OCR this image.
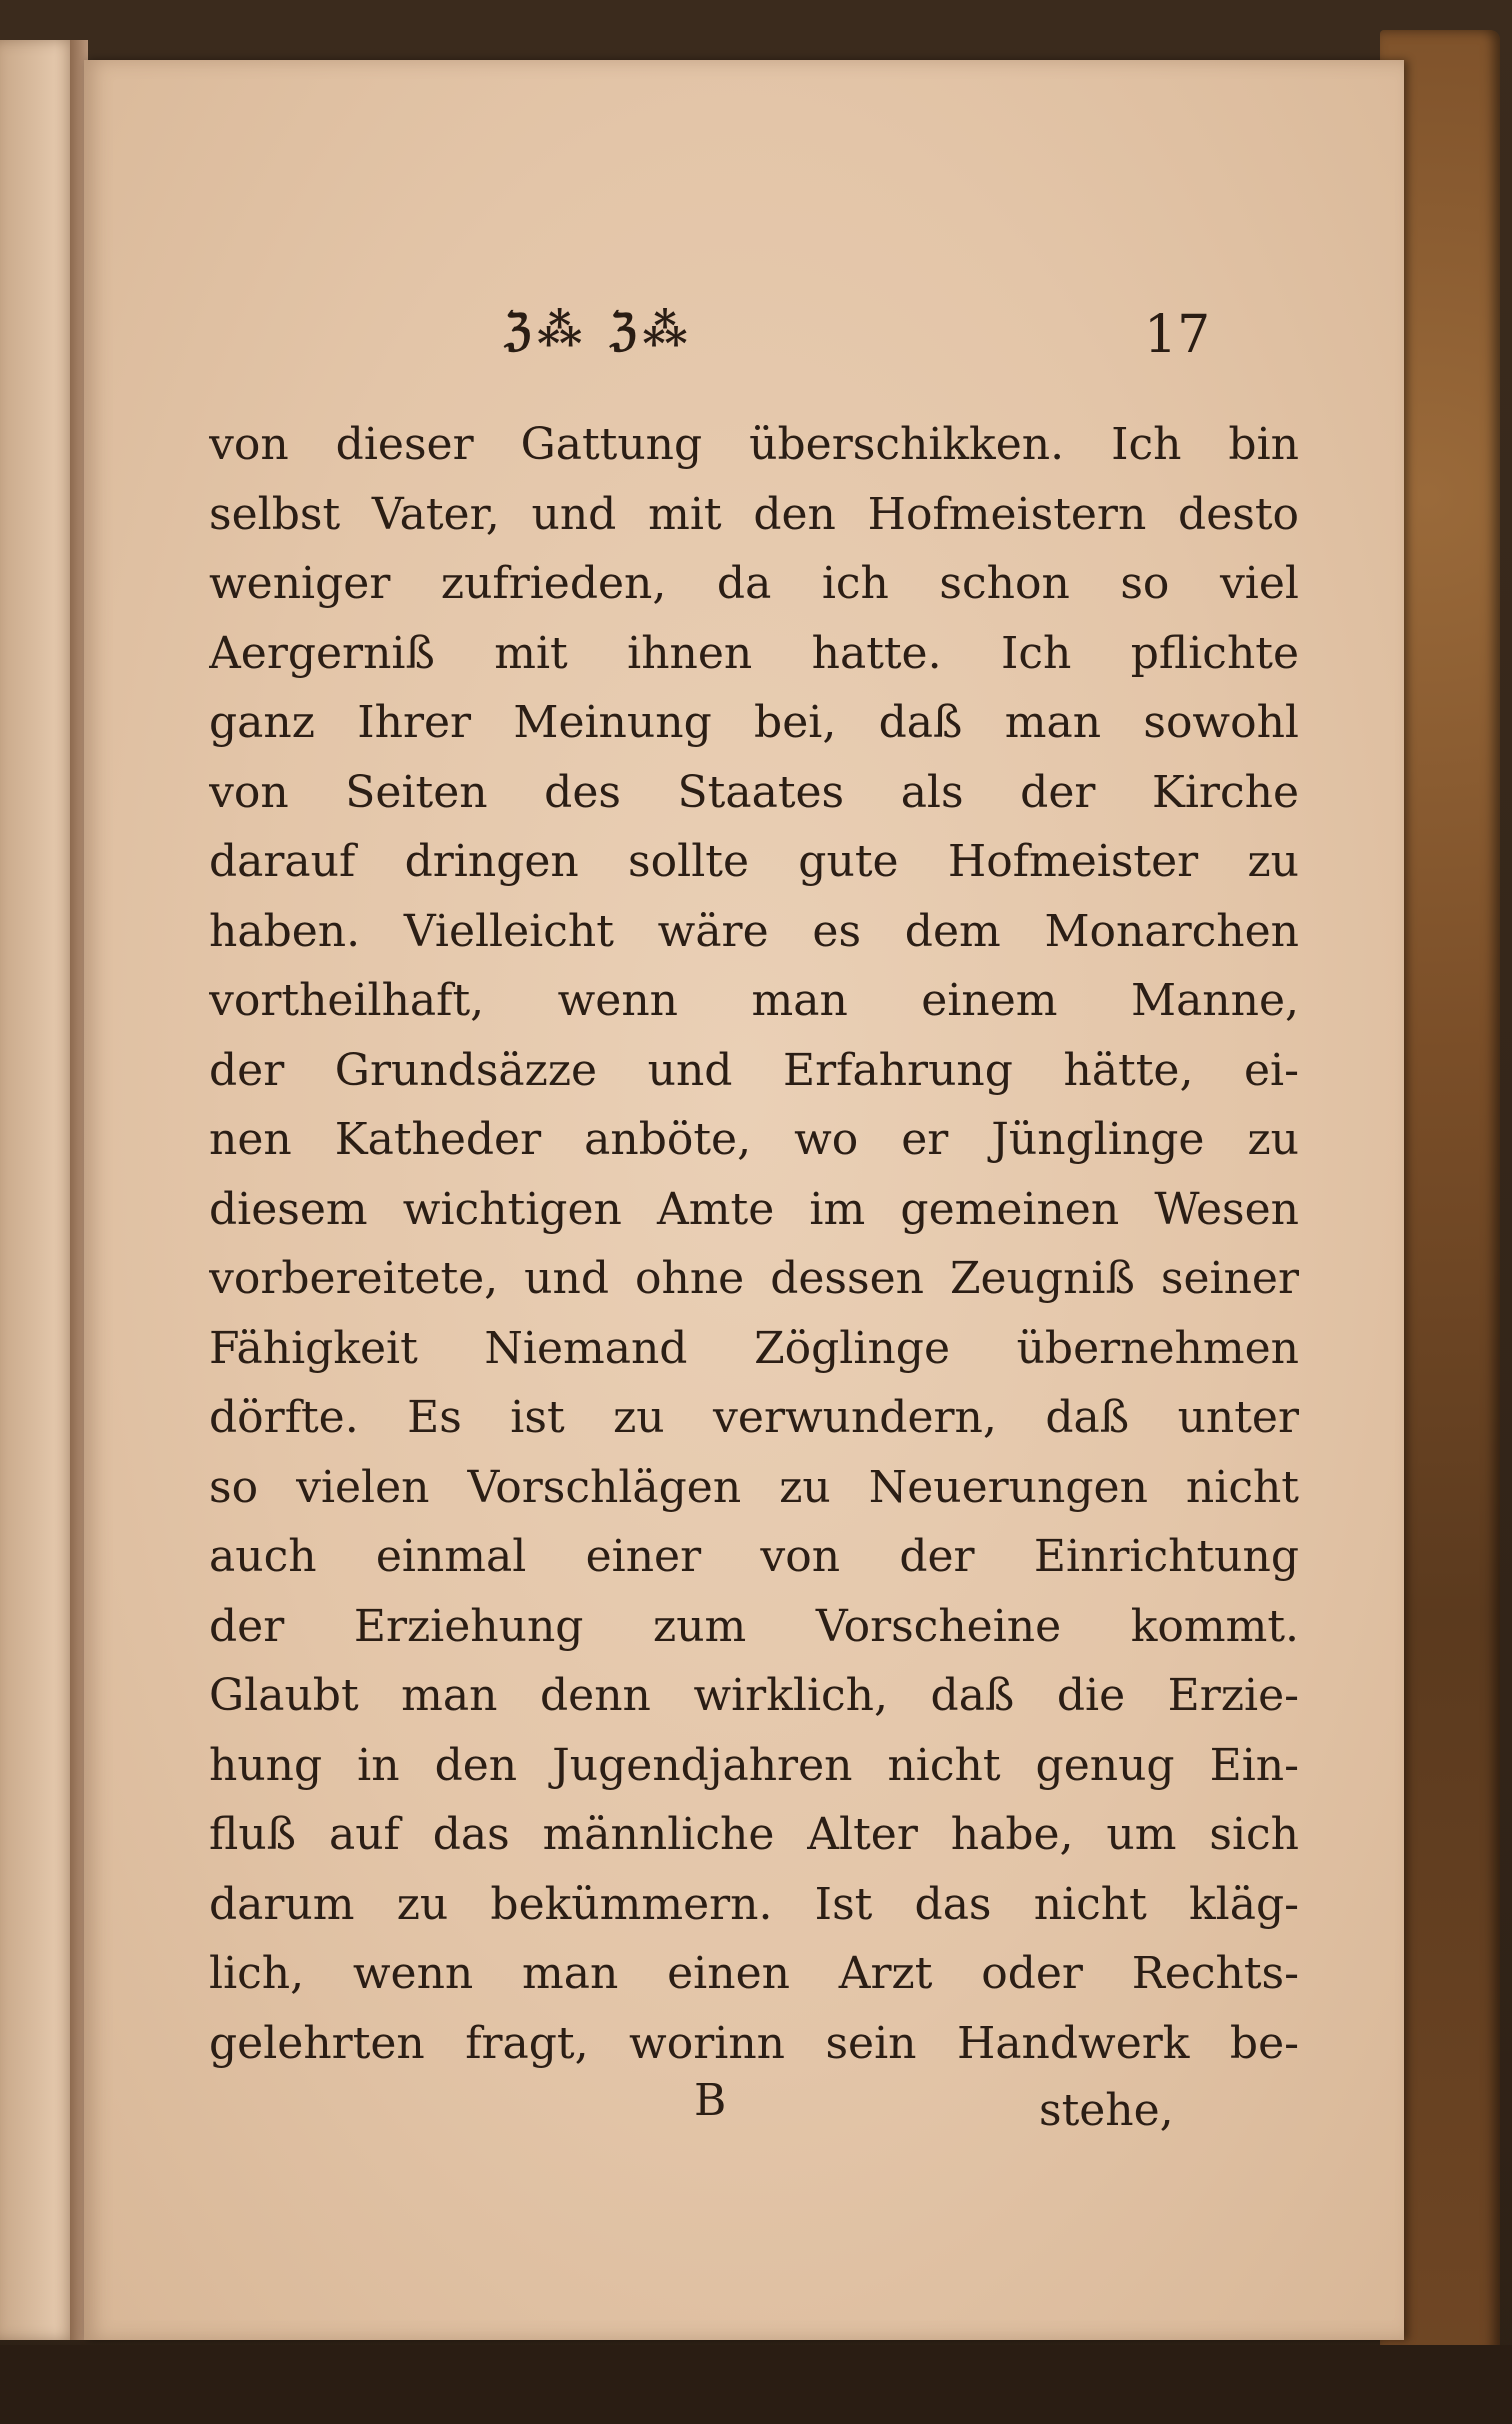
ℨ⁂ ℨ⁂	17
von dieser Gattung überschikken. Ich bin
selbst Vater, und mit den Hofmeistern desto
weniger zufrieden, da ich schon so viel
Aergerniß mit ihnen hatte. Ich pflichte
ganz Ihrer Meinung bei, daß man sowohl
von Seiten des Staates als der Kirche
darauf dringen sollte gute Hofmeister zu
haben. Vielleicht wäre es dem Monarchen
vortheilhaft, wenn man einem Manne,
der Grundsäzze und Erfahrung hätte, ei-
nen Katheder anböte, wo er Jünglinge zu
diesem wichtigen Amte im gemeinen Wesen
vorbereitete, und ohne dessen Zeugniß seiner
Fähigkeit Niemand Zöglinge übernehmen
dörfte. Es ist zu verwundern, daß unter
so vielen Vorschlägen zu Neuerungen nicht
auch einmal einer von der Einrichtung
der Erziehung zum Vorscheine kommt.
Glaubt man denn wirklich, daß die Erzie-
hung in den Jugendjahren nicht genug Ein-
fluß auf das männliche Alter habe, um sich
darum zu bekümmern. Ist das nicht kläg-
lich, wenn man einen Arzt oder Rechts-
gelehrten fragt, worinn sein Handwerk be-
B	stehe,
